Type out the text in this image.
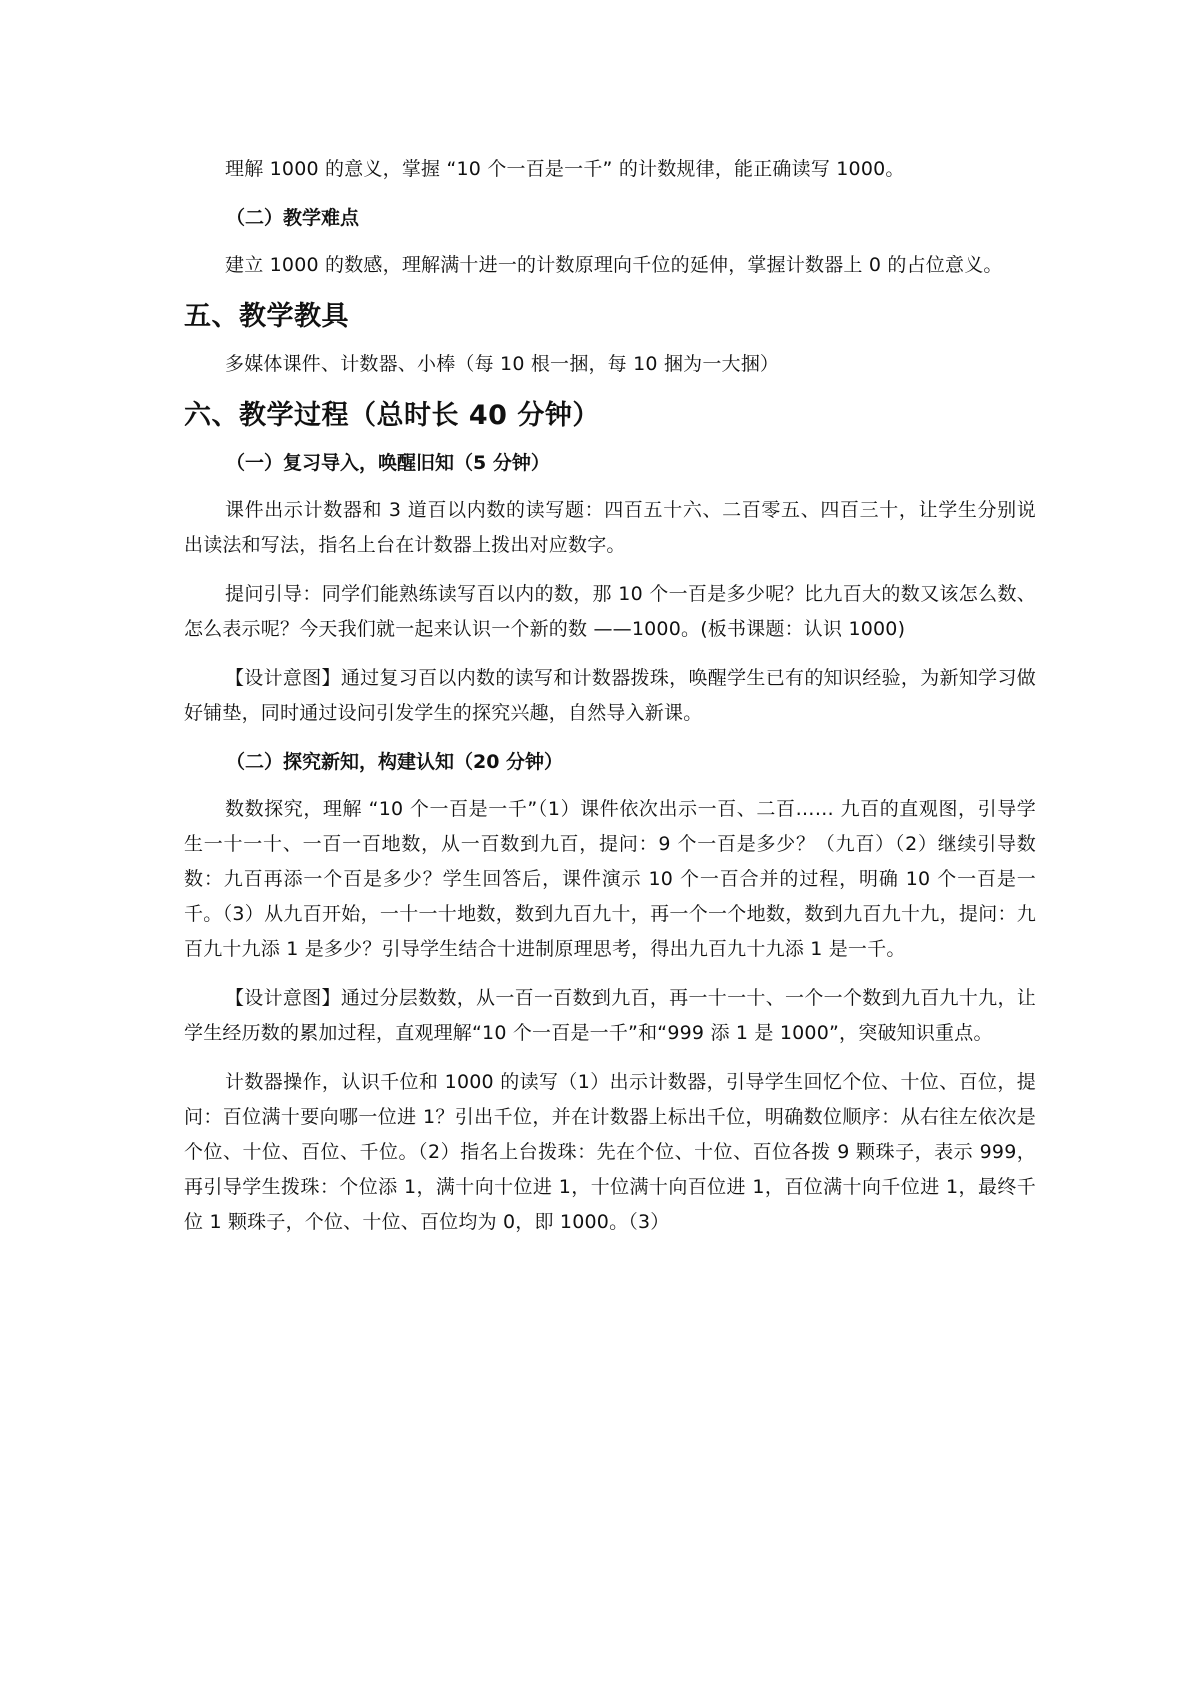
理解 1000 的意义，掌握 “10 个一百是一千” 的计数规律，能正确读写 1000。

（二）教学难点

建立 1000 的数感，理解满十进一的计数原理向千位的延伸，掌握计数器上 0 的占位意义。

五、教学教具

多媒体课件、计数器、小棒（每 10 根一捆，每 10 捆为一大捆）

六、教学过程（总时长 40 分钟）

（一）复习导入，唤醒旧知（5 分钟）

课件出示计数器和 3 道百以内数的读写题：四百五十六、二百零五、四百三十，让学生分别说出读法和写法，指名上台在计数器上拨出对应数字。

提问引导：同学们能熟练读写百以内的数，那 10 个一百是多少呢？比九百大的数又该怎么数、怎么表示呢？今天我们就一起来认识一个新的数 ——1000。(板书课题：认识 1000)

【设计意图】通过复习百以内数的读写和计数器拨珠，唤醒学生已有的知识经验，为新知学习做好铺垫，同时通过设问引发学生的探究兴趣，自然导入新课。

（二）探究新知，构建认知（20 分钟）

数数探究，理解 “10 个一百是一千”（1）课件依次出示一百、二百…… 九百的直观图，引导学生一十一十、一百一百地数，从一百数到九百，提问：9 个一百是多少？（九百）（2）继续引导数数：九百再添一个百是多少？学生回答后，课件演示 10 个一百合并的过程，明确 10 个一百是一千。（3）从九百开始，一十一十地数，数到九百九十，再一个一个地数，数到九百九十九，提问：九百九十九添 1 是多少？引导学生结合十进制原理思考，得出九百九十九添 1 是一千。

【设计意图】通过分层数数，从一百一百数到九百，再一十一十、一个一个数到九百九十九，让学生经历数的累加过程，直观理解“10 个一百是一千”和“999 添 1 是 1000”，突破知识重点。

计数器操作，认识千位和 1000 的读写（1）出示计数器，引导学生回忆个位、十位、百位，提问：百位满十要向哪一位进 1？引出千位，并在计数器上标出千位，明确数位顺序：从右往左依次是个位、十位、百位、千位。（2）指名上台拨珠：先在个位、十位、百位各拨 9 颗珠子，表示 999，再引导学生拨珠：个位添 1，满十向十位进 1，十位满十向百位进 1，百位满十向千位进 1，最终千位 1 颗珠子，个位、十位、百位均为 0，即 1000。（3）
